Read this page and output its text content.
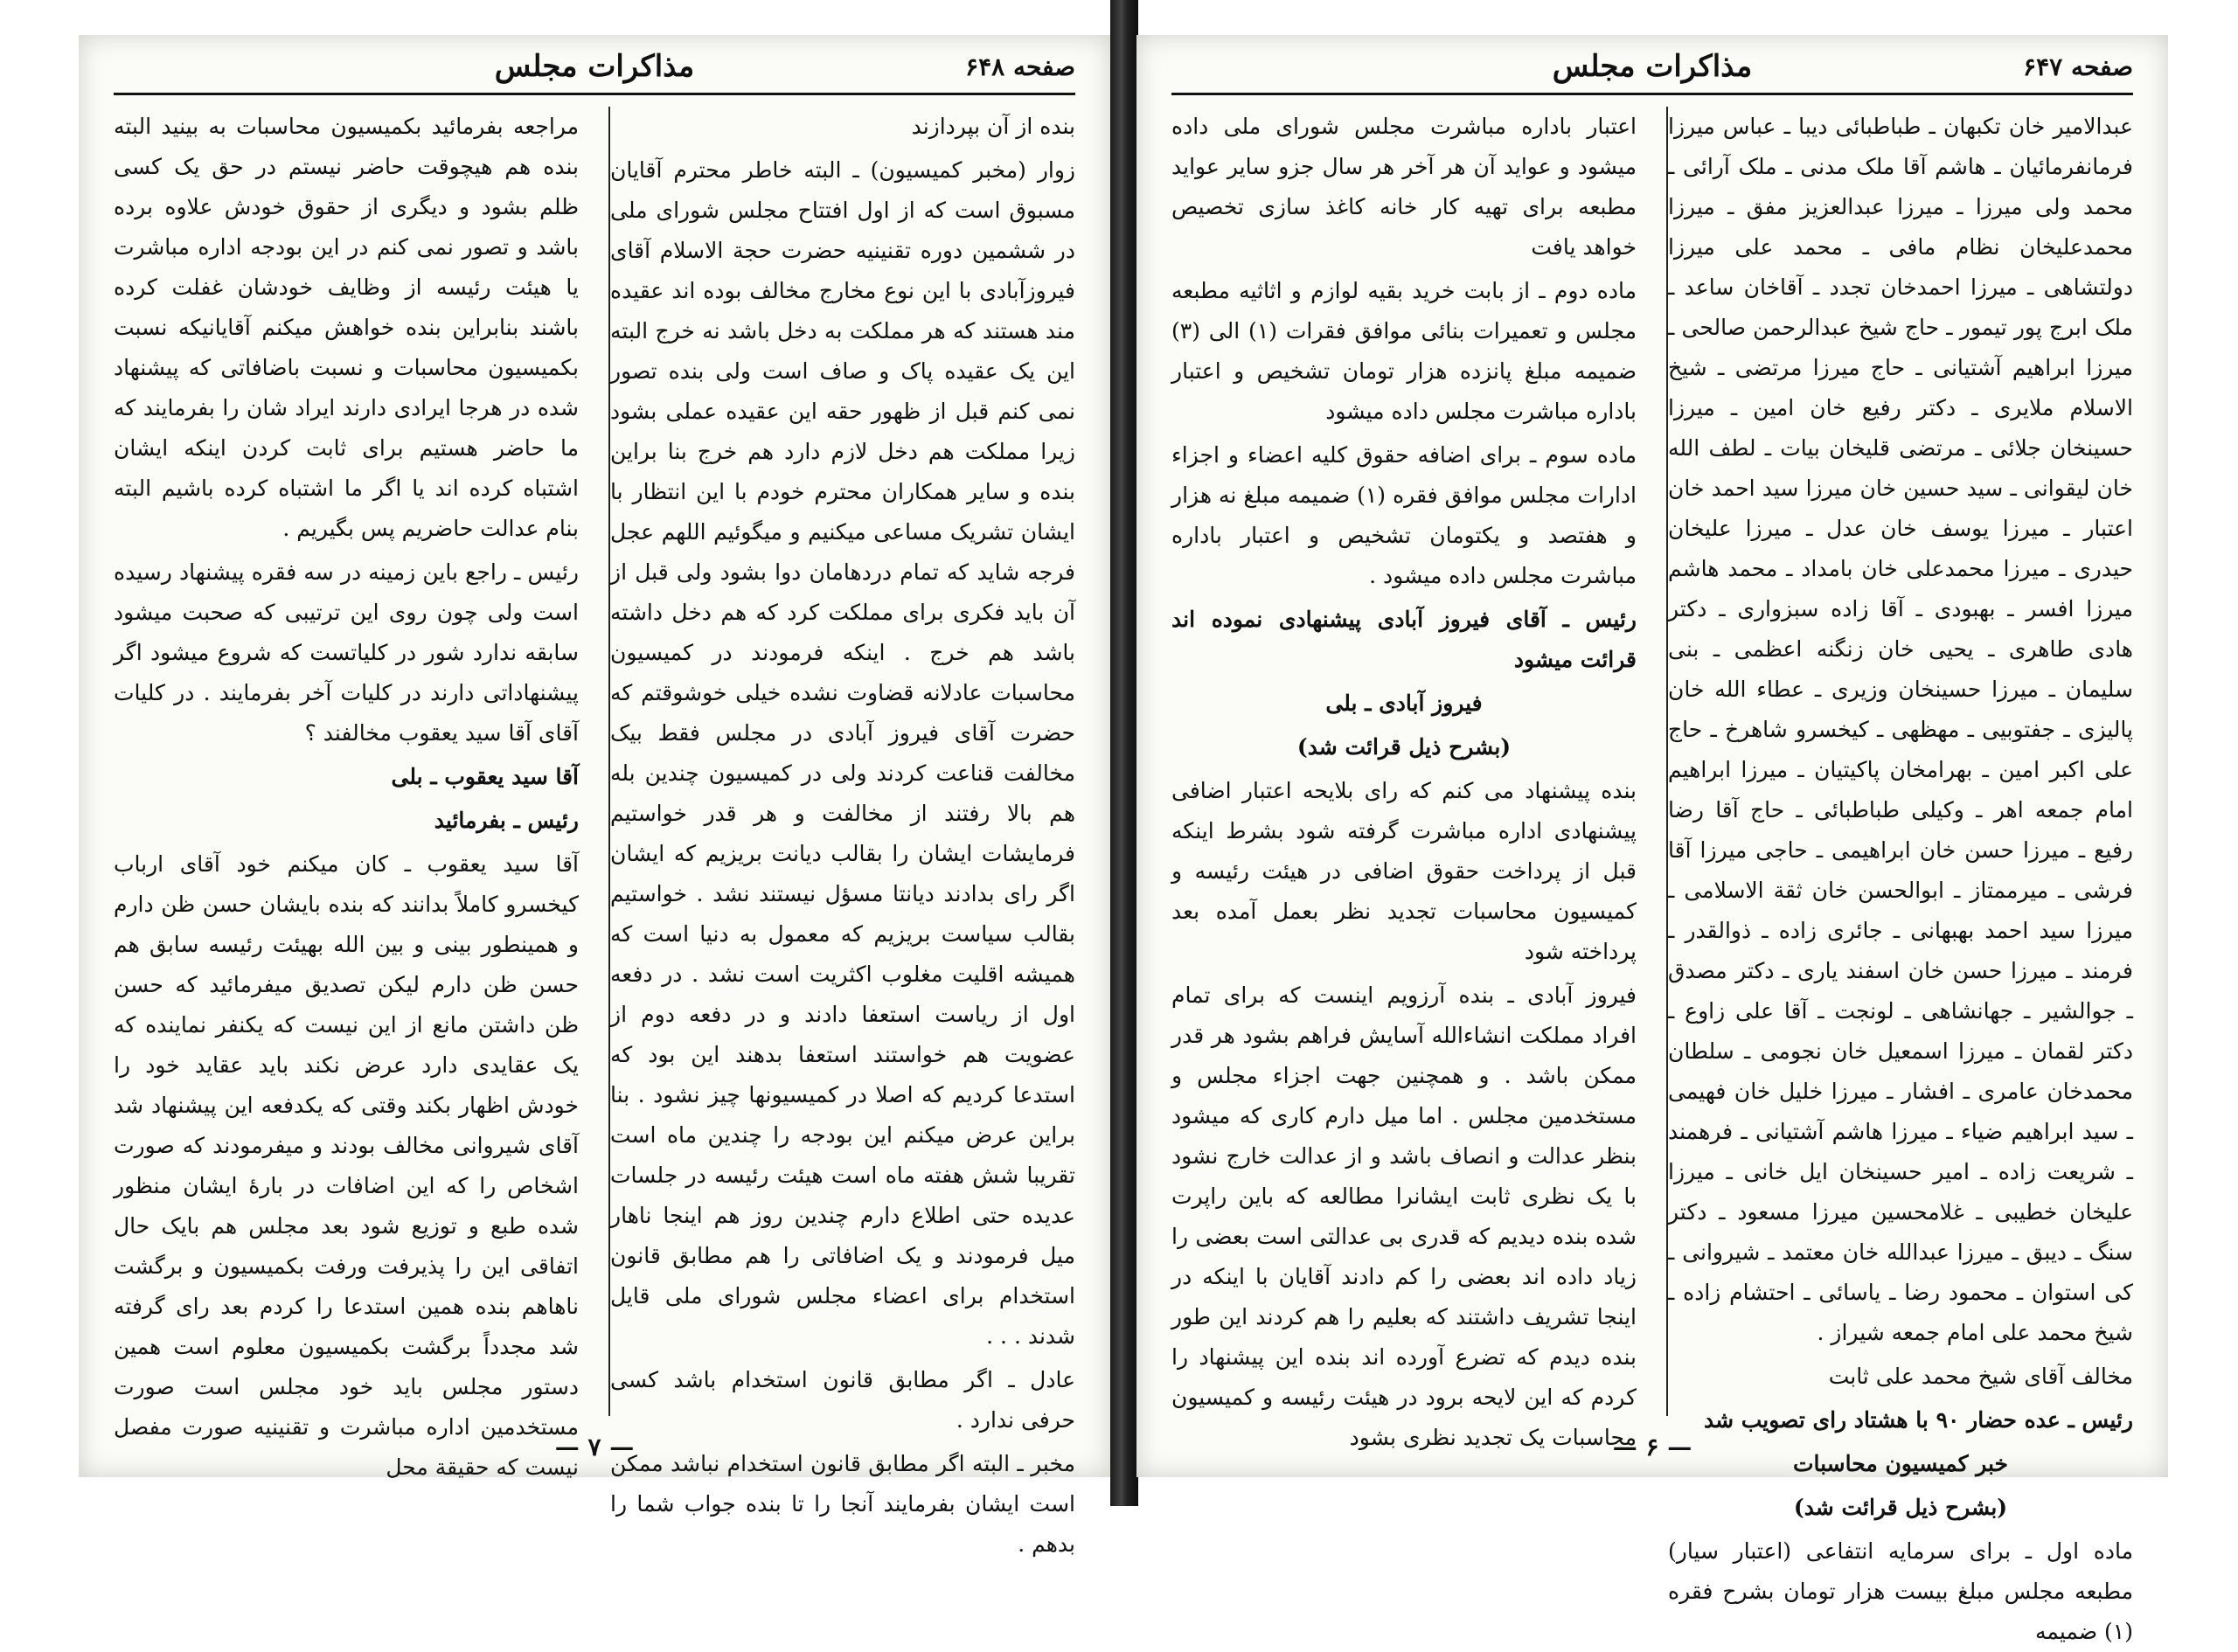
صفحه ۶۴۸
مذاکرات مجلس

بنده از آن بپردازند

زوار (مخبر کمیسیون) ـ البته خاطر محترم آقایان مسبوق است که از اول افتتاح مجلس شورای ملی در ششمین دوره تقنینیه حضرت حجة الاسلام آقای فیروزآبادی با این نوع مخارج مخالف بوده اند عقیده مند هستند که هر مملکت به دخل باشد نه خرج البته این یک عقیده پاک و صاف است ولی بنده تصور نمی کنم قبل از ظهور حقه این عقیده عملی بشود زیرا مملکت هم دخل لازم دارد هم خرج بنا براین بنده و سایر همکاران محترم خودم با این انتظار با ایشان تشریک مساعی میکنیم و میگوئیم اللهم عجل فرجه شاید که تمام دردهامان دوا بشود ولی قبل از آن باید فکری برای مملکت کرد که هم دخل داشته باشد هم خرج . اینکه فرمودند در کمیسیون محاسبات عادلانه قضاوت نشده خیلی خوشوقتم که حضرت آقای فیروز آبادی در مجلس فقط بیک مخالفت قناعت کردند ولی در کمیسیون چندین بله هم بالا رفتند از مخالفت و هر قدر خواستیم فرمایشات ایشان را بقالب دیانت بریزیم که ایشان اگر رای بدادند دیانتا مسؤل نیستند نشد . خواستیم بقالب سیاست بریزیم که معمول به دنیا است که همیشه اقلیت مغلوب اکثریت است نشد . در دفعه اول از ریاست استعفا دادند و در دفعه دوم از عضویت هم خواستند استعفا بدهند این بود که استدعا کردیم که اصلا در کمیسیونها چیز نشود . بنا براین عرض میکنم این بودجه را چندین ماه است تقریبا شش هفته ماه است هیئت رئیسه در جلسات عدیده حتی اطلاع دارم چندین روز هم اینجا ناهار میل فرمودند و یک اضافاتی را هم مطابق قانون استخدام برای اعضاء مجلس شورای ملی قایل شدند . . .

عادل ـ اگر مطابق قانون استخدام باشد کسی حرفی ندارد .

مخبر ـ البته اگر مطابق قانون استخدام نباشد ممکن است ایشان بفرمایند آنجا را تا بنده جواب شما را بدهم .

مراجعه بفرمائید بکمیسیون محاسبات به بینید البته بنده هم هیچوقت حاضر نیستم در حق یک کسی ظلم بشود و دیگری از حقوق خودش علاوه برده باشد و تصور نمی کنم در این بودجه اداره مباشرت یا هیئت رئیسه از وظایف خودشان غفلت کرده باشند بنابراین بنده خواهش میکنم آقایانیکه نسبت بکمیسیون محاسبات و نسبت باضافاتی که پیشنهاد شده در هرجا ایرادی دارند ایراد شان را بفرمایند که ما حاضر هستیم برای ثابت کردن اینکه ایشان اشتباه کرده اند یا اگر ما اشتباه کرده باشیم البته بنام عدالت حاضریم پس بگیریم .

رئیس ـ راجع باین زمینه در سه فقره پیشنهاد رسیده است ولی چون روی این ترتیبی که صحبت میشود سابقه ندارد شور در کلیاتست که شروع میشود اگر پیشنهاداتی دارند در کلیات آخر بفرمایند . در کلیات آقای آقا سید یعقوب مخالفند ؟

آقا سید یعقوب ـ بلی

رئیس ـ بفرمائید

آقا سید یعقوب ـ کان میکنم خود آقای ارباب کیخسرو کاملاً بدانند که بنده بایشان حسن ظن دارم و همینطور بینی و بین الله بهیئت رئیسه سابق هم حسن ظن دارم لیکن تصدیق میفرمائید که حسن ظن داشتن مانع از این نیست که یکنفر نماینده که یک عقایدی دارد عرض نکند باید عقاید خود را خودش اظهار بکند وقتی که یکدفعه این پیشنهاد شد آقای شیروانی مخالف بودند و میفرمودند که صورت اشخاص را که این اضافات در بارهٔ ایشان منظور شده طبع و توزیع شود بعد مجلس هم بایک حال اتفاقی این را پذیرفت ورفت بکمیسیون و برگشت ناهاهم بنده همین استدعا را کردم بعد رای گرفته شد مجدداً برگشت بکمیسیون معلوم است همین دستور مجلس باید خود مجلس است صورت مستخدمین اداره مباشرت و تقنینیه صورت مفصل نیست که حقیقة محل

— ۷ —
صفحه ۶۴۷
مذاکرات مجلس

عبدالامیر خان تکبهان ـ طباطبائی دیبا ـ عباس میرزا فرمانفرمائیان ـ هاشم آقا ملک مدنی ـ ملک آرائی ـ محمد ولی میرزا ـ میرزا عبدالعزیز مفق ـ میرزا محمدعلیخان نظام مافی ـ محمد علی میرزا دولتشاهی ـ میرزا احمدخان تجدد ـ آقاخان ساعد ـ ملک ابرج پور تیمور ـ حاج شیخ عبدالرحمن صالحی ـ میرزا ابراهیم آشتیانی ـ حاج میرزا مرتضی ـ شیخ الاسلام ملایری ـ دکتر رفیع خان امین ـ میرزا حسینخان جلائی ـ مرتضی قلیخان بیات ـ لطف الله خان لیقوانی ـ سید حسین خان میرزا سید احمد خان اعتبار ـ میرزا یوسف خان عدل ـ میرزا علیخان حیدری ـ میرزا محمدعلی خان بامداد ـ محمد هاشم میرزا افسر ـ بهبودی ـ آقا زاده سبزواری ـ دکتر هادی طاهری ـ یحیی خان زنگنه اعظمی ـ بنی سلیمان ـ میرزا حسینخان وزیری ـ عطاء الله خان پالیزی ـ جفتوبیی ـ مهظهی ـ کیخسرو شاهرخ ـ حاج علی اکبر امین ـ بهرامخان پاکیتیان ـ میرزا ابراهیم امام جمعه اهر ـ وکیلی طباطبائی ـ حاج آقا رضا رفیع ـ میرزا حسن خان ابراهیمی ـ حاجی میرزا آقا فرشی ـ میرممتاز ـ ابوالحسن خان ثقة الاسلامی ـ میرزا سید احمد بهبهانی ـ جائری زاده ـ ذوالقدر ـ فرمند ـ میرزا حسن خان اسفند یاری ـ دکتر مصدق ـ جوالشیر ـ جهانشاهی ـ لونجت ـ آقا علی زاوع ـ دکتر لقمان ـ میرزا اسمعیل خان نجومی ـ سلطان محمدخان عامری ـ افشار ـ میرزا خلیل خان فهیمی ـ سید ابراهیم ضیاء ـ میرزا هاشم آشتیانی ـ فرهمند ـ شریعت زاده ـ امیر حسینخان ایل خانی ـ میرزا علیخان خطیبی ـ غلامحسین میرزا مسعود ـ دکتر سنگ ـ دیبق ـ میرزا عبدالله خان معتمد ـ شیروانی ـ کی استوان ـ محمود رضا ـ یاسائی ـ احتشام زاده ـ شیخ محمد علی امام جمعه شیراز .

مخالف آقای شیخ محمد علی ثابت

رئیس ـ عده حضار ۹۰ با هشتاد رای تصویب شد

خبر کمیسیون محاسبات

(بشرح ذیل قرائت شد)

ماده اول ـ برای سرمایه انتفاعی (اعتبار سیار) مطبعه مجلس مبلغ بیست هزار تومان بشرح فقره (۱) ضمیمه

اعتبار باداره مباشرت مجلس شورای ملی داده میشود و عواید آن هر آخر هر سال جزو سایر عواید مطبعه برای تهیه کار خانه کاغذ سازی تخصیص خواهد یافت

ماده دوم ـ از بابت خرید بقیه لوازم و اثاثیه مطبعه مجلس و تعمیرات بنائی موافق فقرات (۱) الی (۳) ضمیمه مبلغ پانزده هزار تومان تشخیص و اعتبار باداره مباشرت مجلس داده میشود

ماده سوم ـ برای اضافه حقوق کلیه اعضاء و اجزاء ادارات مجلس موافق فقره (۱) ضمیمه مبلغ نه هزار و هفتصد و یکتومان تشخیص و اعتبار باداره مباشرت مجلس داده میشود .

رئیس ـ آقای فیروز آبادی پیشنهادی نموده اند قرائت میشود

فیروز آبادی ـ بلی

(بشرح ذیل قرائت شد)

بنده پیشنهاد می کنم که رای بلایحه اعتبار اضافی پیشنهادی اداره مباشرت گرفته شود بشرط اینکه قبل از پرداخت حقوق اضافی در هیئت رئیسه و کمیسیون محاسبات تجدید نظر بعمل آمده بعد پرداخته شود

فیروز آبادی ـ بنده آرزویم اینست که برای تمام افراد مملکت انشاءالله آسایش فراهم بشود هر قدر ممکن باشد . و همچنین جهت اجزاء مجلس و مستخدمین مجلس . اما میل دارم کاری که میشود بنظر عدالت و انصاف باشد و از عدالت خارج نشود با یک نظری ثابت ایشانرا مطالعه که باین راپرت شده بنده دیدیم که قدری بی عدالتی است بعضی را زیاد داده اند بعضی را کم دادند آقایان با اینکه در اینجا تشریف داشتند که بعلیم را هم کردند این طور بنده دیدم که تضرع آورده اند بنده این پیشنهاد را کردم که این لایحه برود در هیئت رئیسه و کمیسیون محاسبات یک تجدید نظری بشود

— ۶ —
